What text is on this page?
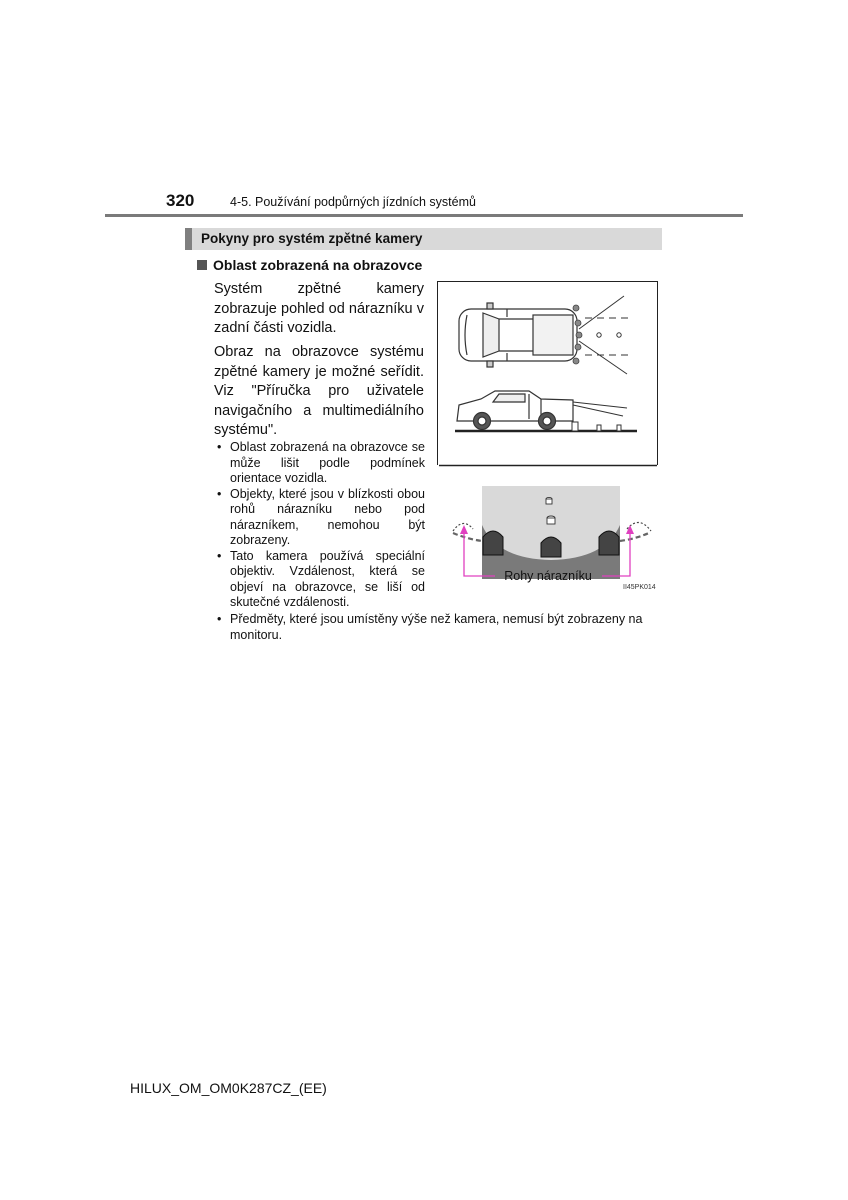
320	4-5. Používání podpůrných jízdních systémů
Pokyny pro systém zpětné kamery
Oblast zobrazená na obrazovce

Systém zpětné kamery zobrazuje pohled od nárazníku v zadní části vozidla.

Obraz na obrazovce systému zpětné kamery je možné seřídit. Viz "Příručka pro uživatele navigačního a multimediálního systému".

• Oblast zobrazená na obrazovce se může lišit podle podmínek orientace vozidla.

• Objekty, které jsou v blízkosti obou rohů nárazníku nebo pod nárazníkem, nemohou být zobrazeny.

• Tato kamera používá speciální objektiv. Vzdálenost, která se objeví na obrazovce, se liší od skutečné vzdálenosti.

• Předměty, které jsou umístěny výše než kamera, nemusí být zobrazeny na monitoru.

Rohy nárazníku
II45PK014
HILUX_OM_OM0K287CZ_(EE)
